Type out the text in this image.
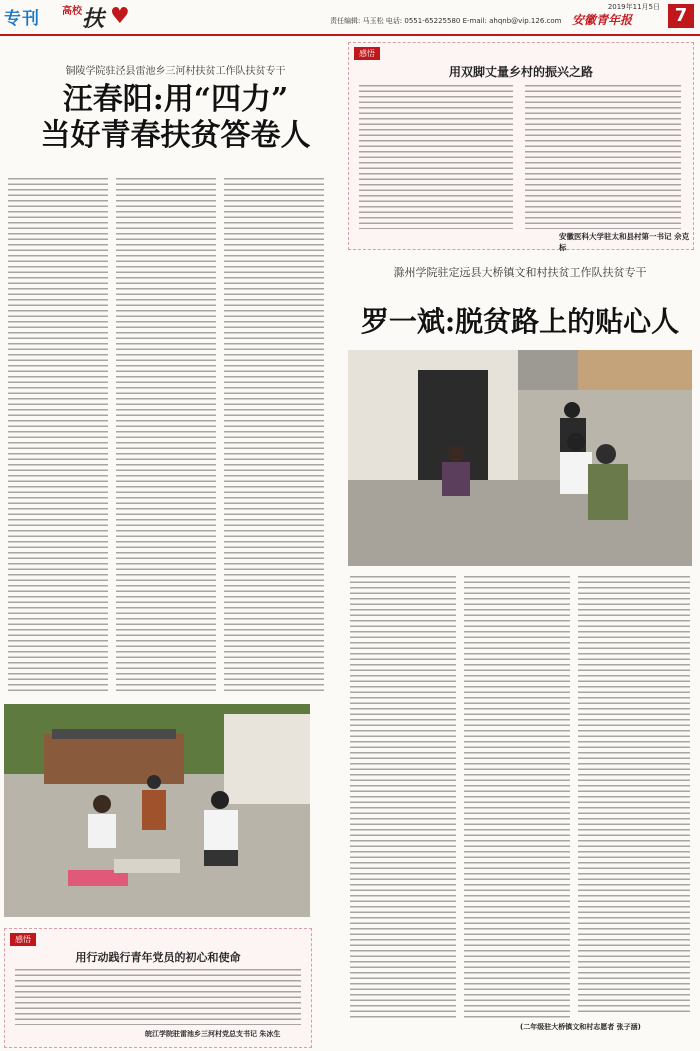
专刊 高校 扶 ♥	责任编辑: 马玉松 电话: 0551-65225580 E-mail: ahqnb@vip.126.com
2019年11月5日
安徽青年报	7
铜陵学院驻泾县雷池乡三河村扶贫工作队扶贫专干
汪春阳:用“四力”
当好青春扶贫答卷人
感悟
用双脚丈量乡村的振兴之路
安徽医科大学驻太和县村第一书记 佘克标
滁州学院驻定远县大桥镇文和村扶贫工作队扶贫专干
罗一斌:脱贫路上的贴心人
感悟
用行动践行青年党员的初心和使命
皖江学院驻雷池乡三河村党总支书记 朱冰生
(二年级驻大桥镇文和村志愿者 张子涵)
